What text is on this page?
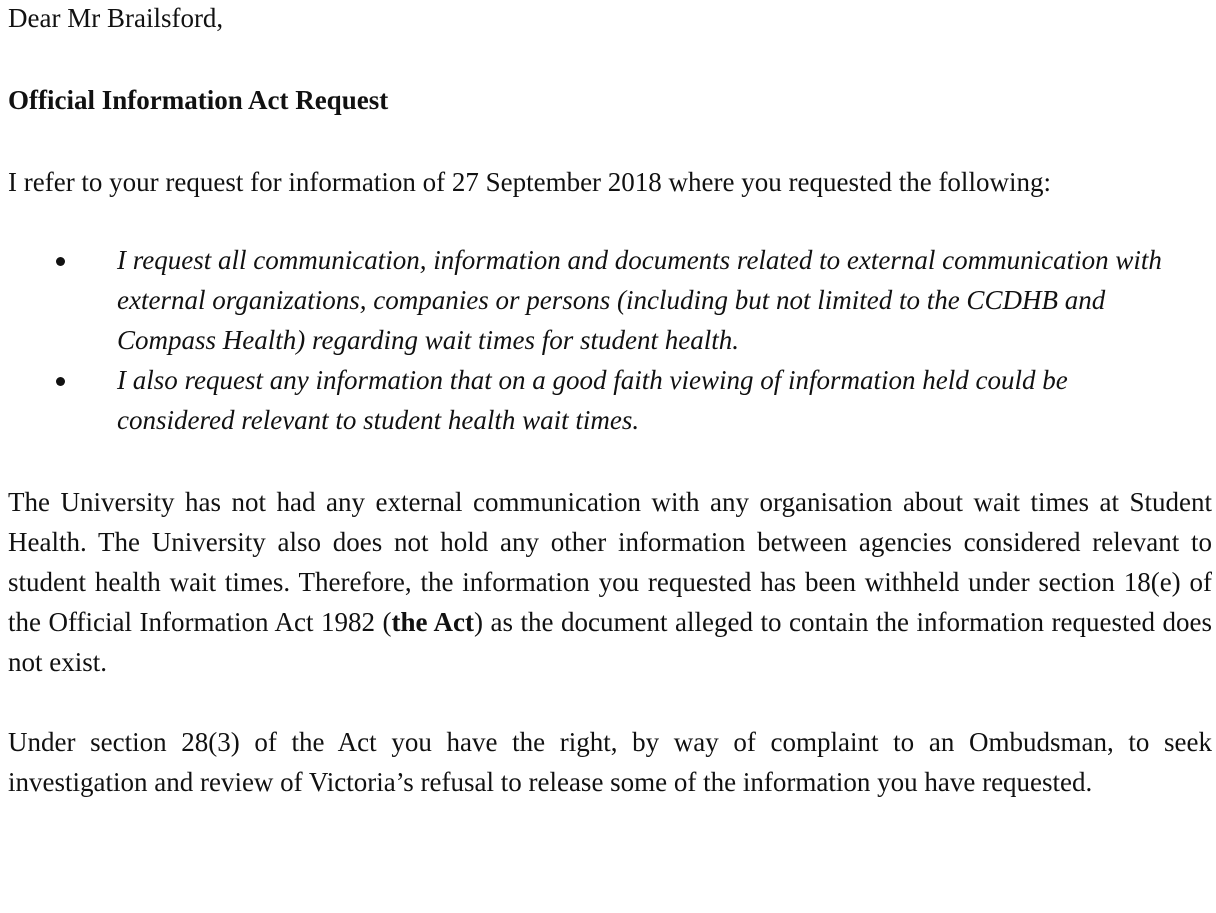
Dear Mr Brailsford,

Official Information Act Request

I refer to your request for information of 27 September 2018 where you requested the following:

I request all communication, information and documents related to external communication with external organizations, companies or persons (including but not limited to the CCDHB and Compass Health) regarding wait times for student health.
I also request any information that on a good faith viewing of information held could be considered relevant to student health wait times.

The University has not had any external communication with any organisation about wait times at Student Health. The University also does not hold any other information between agencies considered relevant to student health wait times. Therefore, the information you requested has been withheld under section 18(e) of the Official Information Act 1982 (the Act) as the document alleged to contain the information requested does not exist.

Under section 28(3) of the Act you have the right, by way of complaint to an Ombudsman, to seek investigation and review of Victoria’s refusal to release some of the information you have requested.
